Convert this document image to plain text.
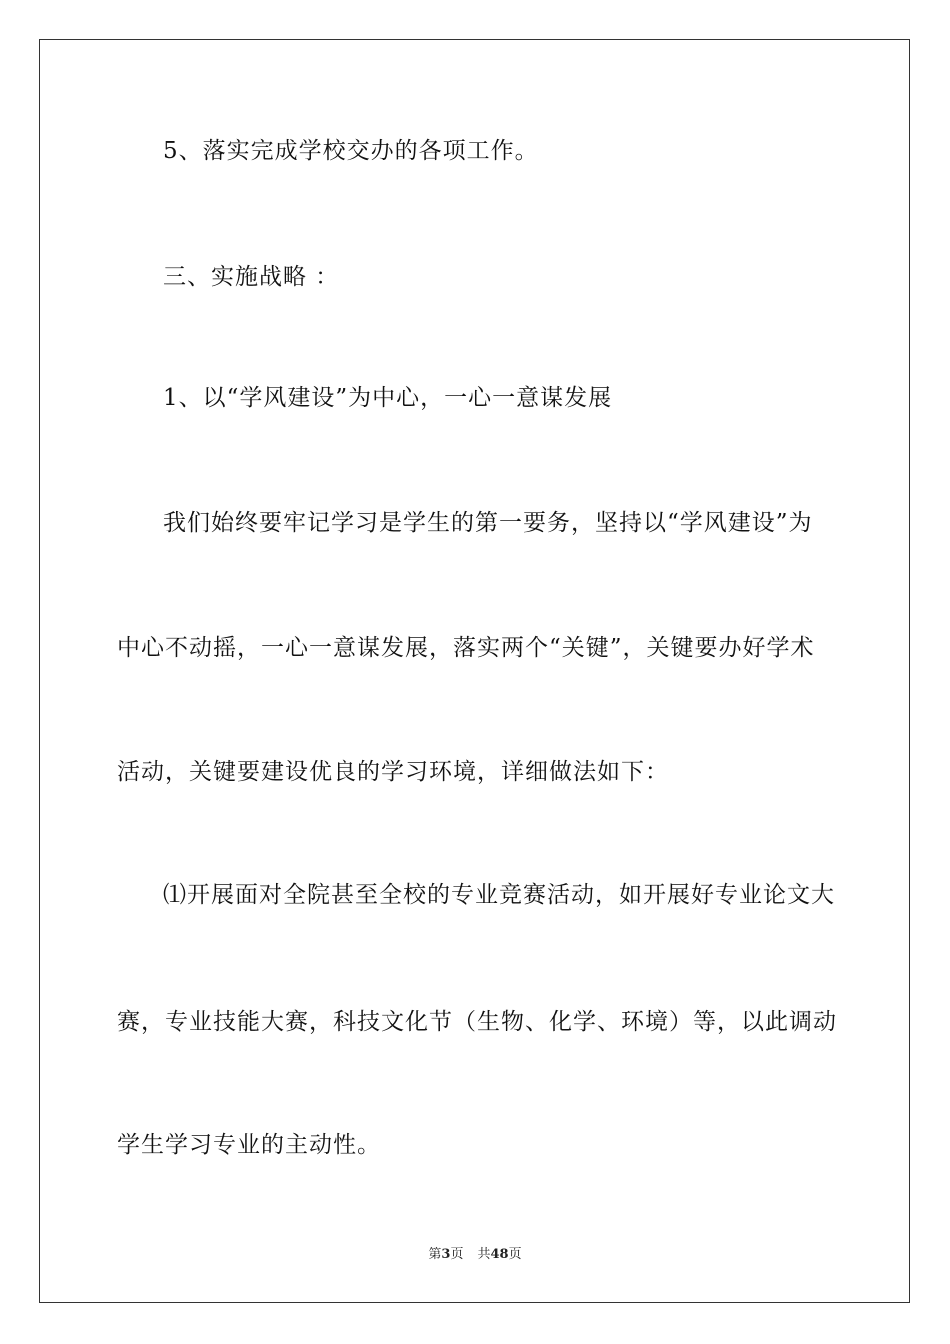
5、落实完成学校交办的各项工作。
三、实施战略 ：
1、以“学风建设”为中心，一心一意谋发展
我们始终要牢记学习是学生的第一要务，坚持以“学风建设”为
中心不动摇，一心一意谋发展，落实两个“关键”，关键要办好学术
活动，关键要建设优良的学习环境，详细做法如下：
⑴开展面对全院甚至全校的专业竞赛活动，如开展好专业论文大
赛，专业技能大赛，科技文化节（生物、化学、环境）等，以此调动
学生学习专业的主动性。
第3页 共48页
